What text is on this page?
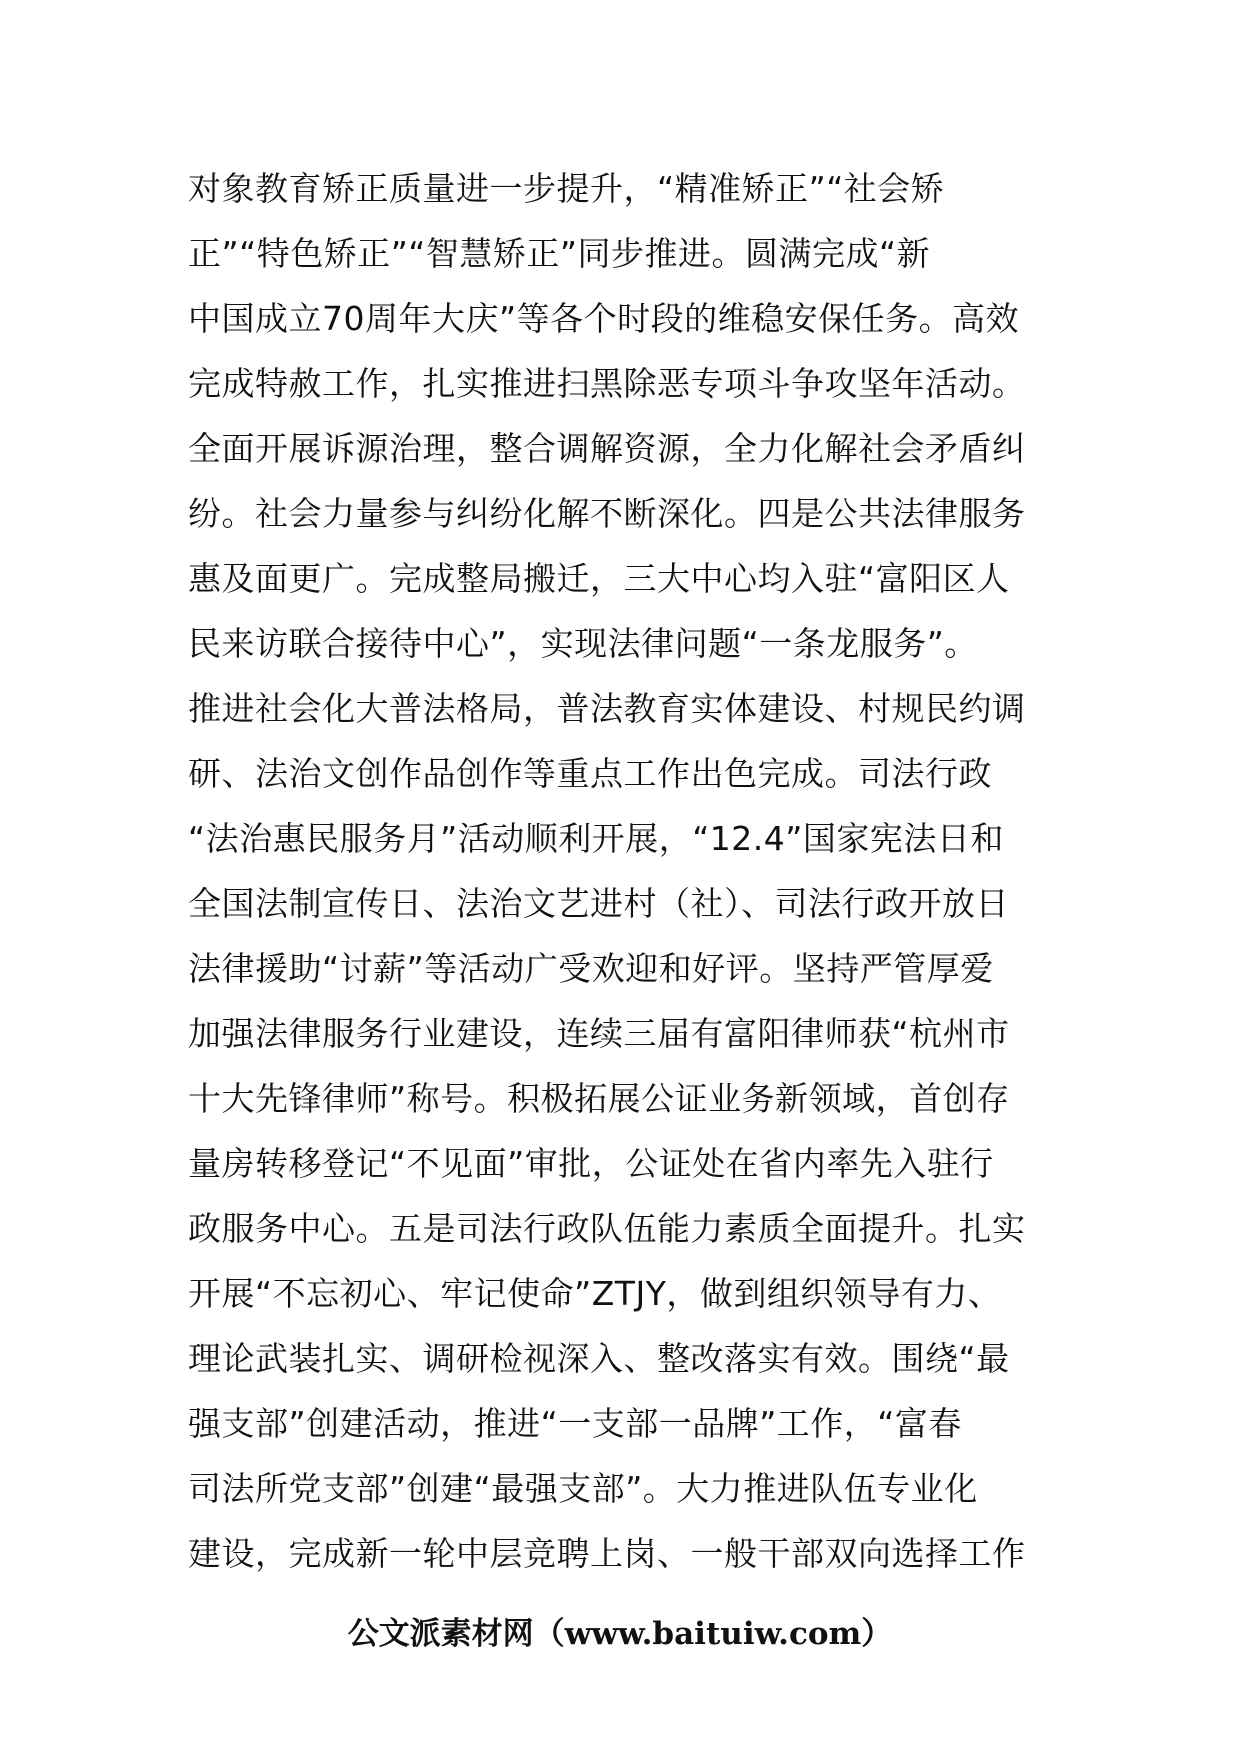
对象教育矫正质量进一步提升，“精准矫正”“社会矫
正”“特色矫正”“智慧矫正”同步推进。圆满完成“新
中国成立70周年大庆”等各个时段的维稳安保任务。高效
完成特赦工作，扎实推进扫黑除恶专项斗争攻坚年活动。
全面开展诉源治理，整合调解资源，全力化解社会矛盾纠
纷。社会力量参与纠纷化解不断深化。四是公共法律服务
惠及面更广。完成整局搬迁，三大中心均入驻“富阳区人
民来访联合接待中心”，实现法律问题“一条龙服务”。
推进社会化大普法格局，普法教育实体建设、村规民约调
研、法治文创作品创作等重点工作出色完成。司法行政
“法治惠民服务月”活动顺利开展，“12.4”国家宪法日和
全国法制宣传日、法治文艺进村（社）、司法行政开放日
法律援助“讨薪”等活动广受欢迎和好评。坚持严管厚爱
加强法律服务行业建设，连续三届有富阳律师获“杭州市
十大先锋律师”称号。积极拓展公证业务新领域，首创存
量房转移登记“不见面”审批，公证处在省内率先入驻行
政服务中心。五是司法行政队伍能力素质全面提升。扎实
开展“不忘初心、牢记使命”ZTJY，做到组织领导有力、
理论武装扎实、调研检视深入、整改落实有效。围绕“最
强支部”创建活动，推进“一支部一品牌”工作，“富春
司法所党支部”创建“最强支部”。大力推进队伍专业化
建设，完成新一轮中层竞聘上岗、一般干部双向选择工作
公文派素材网（www.baituiw.com）
